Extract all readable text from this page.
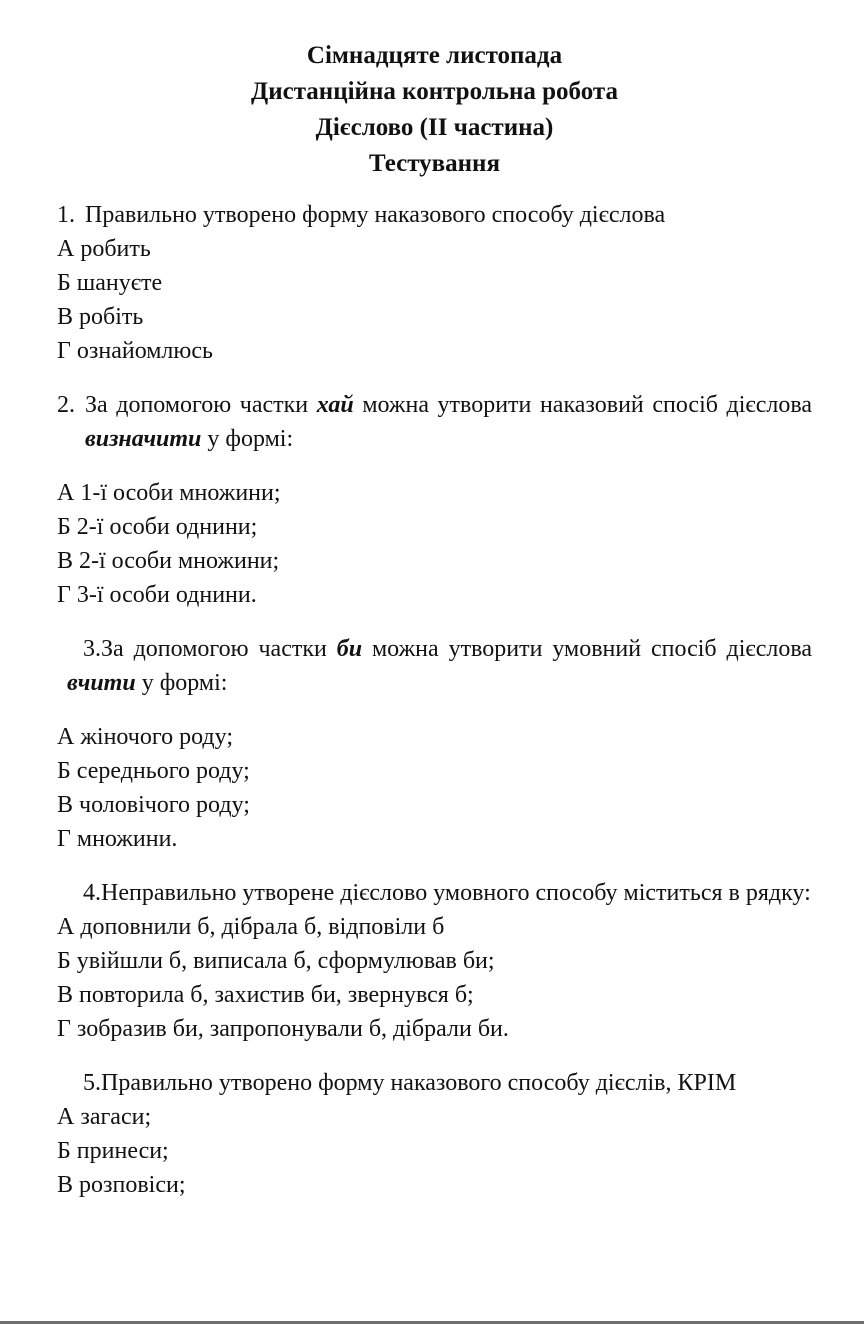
Сімнадцяте листопада

Дистанційна контрольна робота

Дієслово (ІІ частина)

Тестування

1. Правильно утворено форму наказового способу дієслова

А робить

Б шануєте

В робіть

Г ознайомлюсь

2. За допомогою частки хай можна утворити наказовий спосіб дієслова визначити у формі:

А 1-ї особи множини;

Б 2-ї особи однини;

В 2-ї особи множини;

Г 3-ї особи однини.

3.За допомогою частки би можна утворити умовний спосіб дієслова вчити у формі:

А жіночого роду;

Б середнього роду;

В чоловічого роду;

Г множини.

4.Неправильно утворене дієслово умовного способу міститься в рядку:

А доповнили б, дібрала б, відповіли б

Б увійшли б, виписала б, сформулював би;

В повторила б, захистив би, звернувся б;

Г зобразив би, запропонували б, дібрали би.

5.Правильно утворено форму наказового способу дієслів, КРІМ

А загаси;

Б принеси;

В розповіси;
